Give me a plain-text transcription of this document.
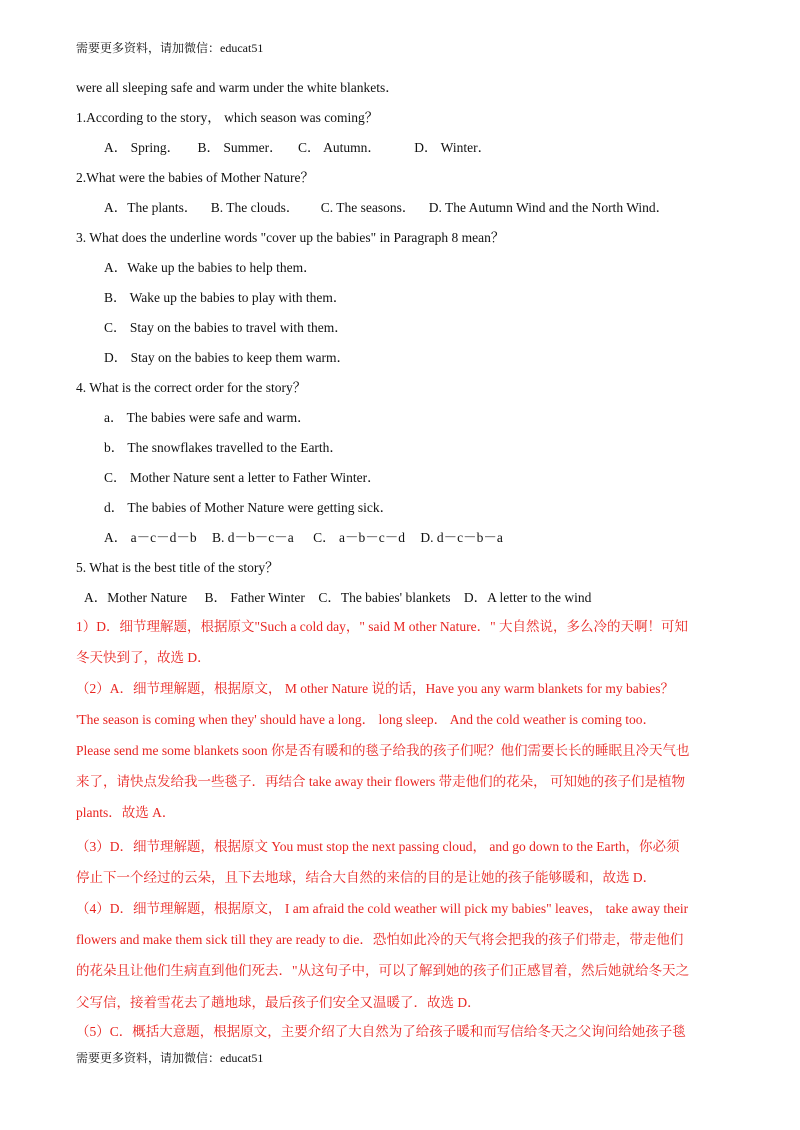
需要更多资料，请加微信：educat51
were all sleeping safe and warm under the white blankets．
1.According to the story， which season was coming？
A． Spring． B． Summer． C． Autumn． D． Winter．
2.What were the babies of Mother Nature？
A．The plants． B. The clouds． C. The seasons． D. The Autumn Wind and the North Wind．
3. What does the underline words "cover up the babies" in Paragraph 8 mean？
A．Wake up the babies to help them．
B． Wake up the babies to play with them．
C． Stay on the babies to travel with them．
D． Stay on the babies to keep them warm．
4. What is the correct order for the story？
a． The babies were safe and warm．
b． The snowflakes travelled to the Earth．
C． Mother Nature sent a letter to Father Winter．
d． The babies of Mother Nature were getting sick．
A． a－c－d－b B. d－b－c－a C． a－b－c－d D. d－c－b－a
5. What is the best title of the story？
A．Mother Nature B． Father Winter C．The babies' blankets D．A letter to the wind
1）D．细节理解题，根据原文"Such a cold day，" said M other Nature．" 大自然说，多么冷的天啊！可知
冬天快到了，故选 D．
（2）A．细节理解题，根据原文， M other Nature 说的话，Have you any warm blankets for my babies？
'The season is coming when they' should have a long． long sleep． And the cold weather is coming too．
Please send me some blankets soon 你是否有暖和的毯子给我的孩子们呢？他们需要长长的睡眠且冷天气也
来了，请快点发给我一些毯子．再结合 take away their flowers 带走他们的花朵， 可知她的孩子们是植物
plants．故选 A．
（3）D．细节理解题，根据原文 You must stop the next passing cloud， and go down to the Earth，你必须
停止下一个经过的云朵，且下去地球，结合大自然的来信的目的是让她的孩子能够暖和，故选 D．
（4）D．细节理解题，根据原文， I am afraid the cold weather will pick my babies" leaves， take away their
flowers and make them sick till they are ready to die．恐怕如此冷的天气将会把我的孩子们带走，带走他们
的花朵且让他们生病直到他们死去．"从这句子中，可以了解到她的孩子们正感冒着，然后她就给冬天之
父写信，接着雪花去了趟地球，最后孩子们安全又温暖了．故选 D．
（5）C．概括大意题，根据原文，主要介绍了大自然为了给孩子暖和而写信给冬天之父询问给她孩子毯
需要更多资料，请加微信：educat51
